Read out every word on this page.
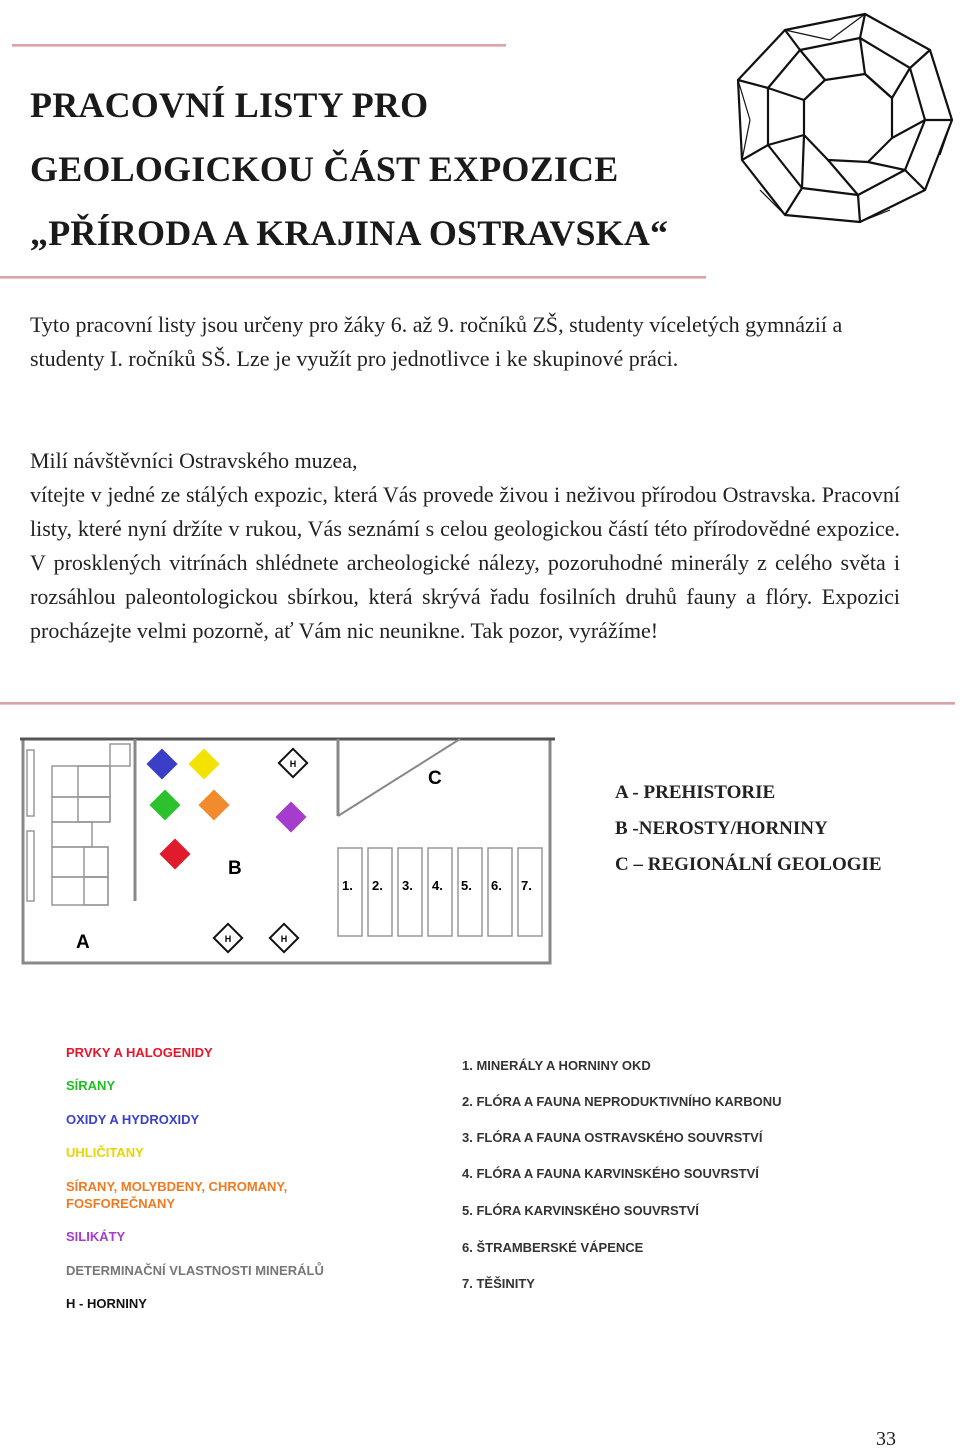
PRACOVNÍ LISTY PRO
GEOLOGICKOU ČÁST EXPOZICE
„PŘÍRODA A KRAJINA OSTRAVSKA“

Tyto pracovní listy jsou určeny pro žáky 6. až 9. ročníků ZŠ, studenty víceletých gymnázií a studenty I. ročníků SŠ. Lze je využít pro jednotlivce i ke skupinové práci.

Milí návštěvníci Ostravského muzea,

vítejte v jedné ze stálých expozic, která Vás provede živou i neživou přírodou Ostravska. Pracovní listy, které nyní držíte v rukou, Vás seznámí s celou geologickou částí této přírodovědné expozice. V prosklených vitrínách shlédnete archeologické nálezy, pozoruhodné minerály z celého světa i rozsáhlou paleontologickou sbírkou, která skrývá řadu fosilních druhů fauny a flóry. Expozici procházejte velmi pozorně, ať Vám nic neunikne. Tak pozor, vyrážíme!

A
B
C
1. 2. 3. 4. 5. 6. 7.
H
H	H
A - PREHISTORIE
B -NEROSTY/HORNINY
C – REGIONÁLNÍ GEOLOGIE
PRVKY A HALOGENIDY
SÍRANY
OXIDY A HYDROXIDY
UHLIČITANY
SÍRANY, MOLYBDENY, CHROMANY, FOSFOREČNANY
SILIKÁTY
DETERMINAČNÍ VLASTNOSTI MINERÁLŮ
H - HORNINY
1. MINERÁLY A HORNINY OKD
2. FLÓRA A FAUNA NEPRODUKTIVNÍHO KARBONU
3. FLÓRA A FAUNA OSTRAVSKÉHO SOUVRSTVÍ
4. FLÓRA A FAUNA KARVINSKÉHO SOUVRSTVÍ
5. FLÓRA KARVINSKÉHO SOUVRSTVÍ
6. ŠTRAMBERSKÉ VÁPENCE
7. TĚŠINITY
33
